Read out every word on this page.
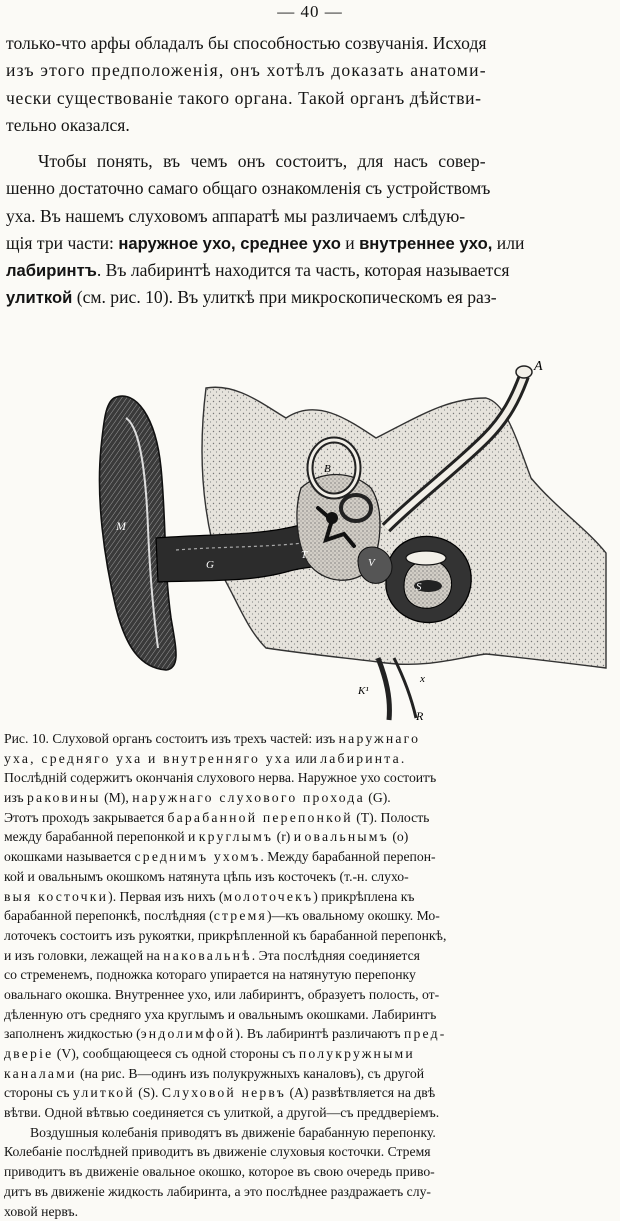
— 40 —

только-что арфы обладалъ бы способностью созвучанія. Исходя
изъ этого предположенія, онъ хотѣлъ доказать анатоми-
чески существованіе такого органа. Такой органъ дѣйстви-
тельно оказался.

Чтобы понять, въ чемъ онъ состоитъ, для насъ совер-
шенно достаточно самаго общаго ознакомленія съ устройствомъ
уха. Въ нашемъ слуховомъ аппаратѣ мы различаемъ слѣдую-
щія три части: наружное ухо, среднее ухо и внутреннее ухо, или
лабиринтъ. Въ лабиринтѣ находится та часть, которая называется
улиткой (см. рис. 10). Въ улиткѣ при микроскопическомъ ея раз-

A
M
B
S
V
T
G
R
K¹
x

Рис. 10. Слуховой органъ состоитъ изъ трехъ частей: изъ наружнаго
уха, средняго уха и внутренняго уха или лабиринта.
Послѣдній содержитъ окончанія слухового нерва. Наружное ухо состоитъ
изъ раковины (M), наружнаго слухового прохода (G).
Этотъ проходъ закрывается барабанной перепонкой (T). Полость
между барабанной перепонкой и круглымъ (r) и овальнымъ (o)
окошками называется среднимъ ухомъ. Между барабанной перепон-
кой и овальнымъ окошкомъ натянута цѣпь изъ косточекъ (т.-н. слухо-
выя косточки). Первая изъ нихъ (молоточекъ) прикрѣплена къ
барабанной перепонкѣ, послѣдняя (стремя)—къ овальному окошку. Мо-
лоточекъ состоитъ изъ рукоятки, прикрѣпленной къ барабанной перепонкѣ,
и изъ головки, лежащей на наковальнѣ. Эта послѣдняя соединяется
со стременемъ, подножка котораго упирается на натянутую перепонку
овальнаго окошка. Внутреннее ухо, или лабиринтъ, образуетъ полость, от-
дѣленную отъ средняго уха круглымъ и овальнымъ окошками. Лабиринтъ
заполненъ жидкостью (эндолимфой). Въ лабиринтѣ различаютъ пред-
дверіе (V), сообщающееся съ одной стороны съ полукружными
каналами (на рис. B—одинъ изъ полукружныхъ каналовъ), съ другой
стороны съ улиткой (S). Слуховой нервъ (A) развѣтвляется на двѣ
вѣтви. Одной вѣтвью соединяется съ улиткой, а другой—съ преддверіемъ.
Воздушныя колебанія приводятъ въ движеніе барабанную перепонку.
Колебаніе послѣдней приводитъ въ движеніе слуховыя косточки. Стремя
приводитъ въ движеніе овальное окошко, которое въ свою очередь приво-
дитъ въ движеніе жидкость лабиринта, а это послѣднее раздражаетъ слу-
ховой нервъ.
